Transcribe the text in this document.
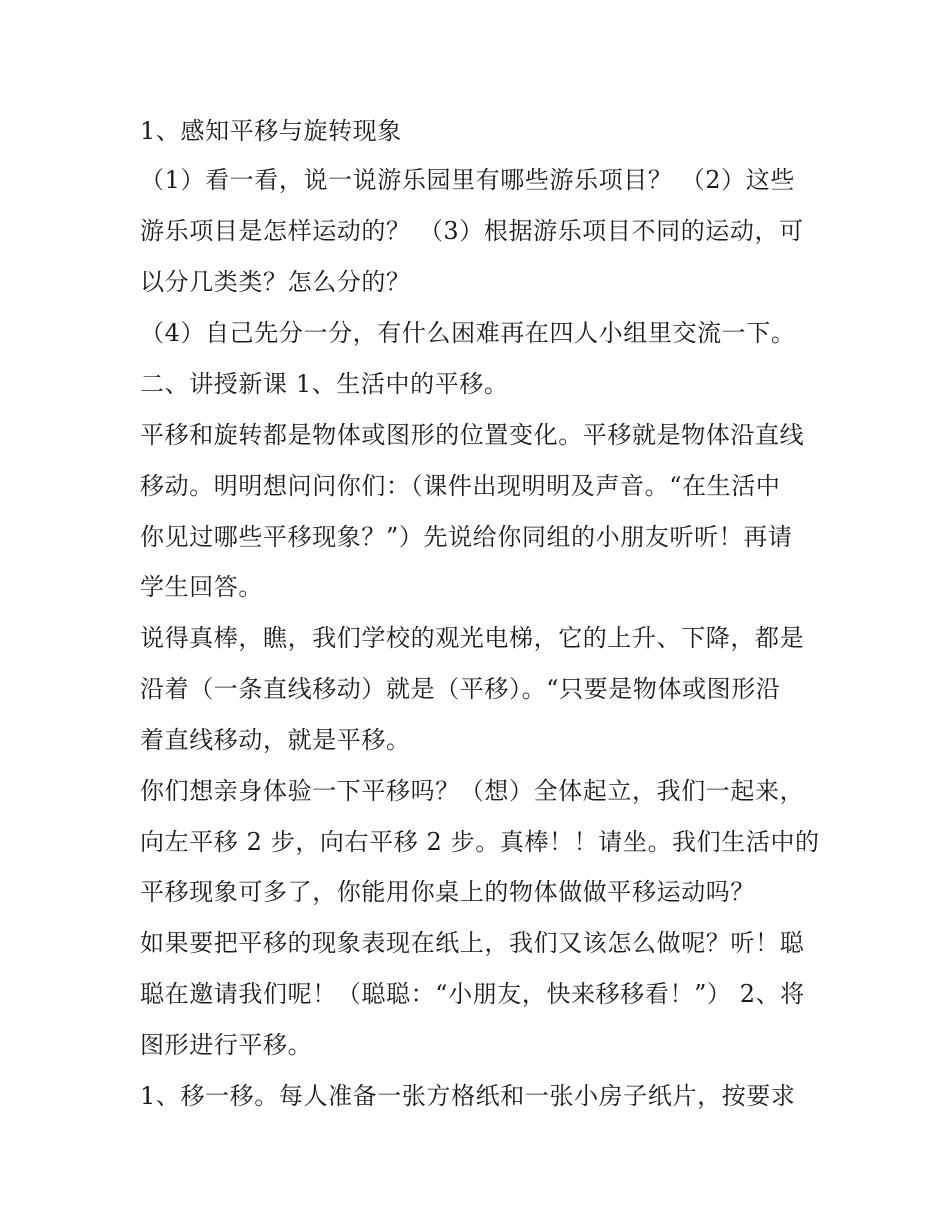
1、感知平移与旋转现象
（1）看一看，说一说游乐园里有哪些游乐项目？ （2）这些
游乐项目是怎样运动的？ （3）根据游乐项目不同的运动，可
以分几类类？怎么分的？
（4）自己先分一分，有什么困难再在四人小组里交流一下。
二、讲授新课 1、生活中的平移。
平移和旋转都是物体或图形的位置变化。平移就是物体沿直线
移动。明明想问问你们：（课件出现明明及声音。“在生活中
你见过哪些平移现象？”）先说给你同组的小朋友听听！再请
学生回答。
说得真棒，瞧，我们学校的观光电梯，它的上升、下降，都是
沿着（一条直线移动）就是（平移）。“只要是物体或图形沿
着直线移动，就是平移。
你们想亲身体验一下平移吗？（想）全体起立，我们一起来，
向左平移 2 步，向右平移 2 步。真棒！！请坐。我们生活中的
平移现象可多了，你能用你桌上的物体做做平移运动吗？
如果要把平移的现象表现在纸上，我们又该怎么做呢？听！聪
聪在邀请我们呢！（聪聪：“小朋友，快来移移看！”） 2、将
图形进行平移。
1、移一移。每人准备一张方格纸和一张小房子纸片，按要求
